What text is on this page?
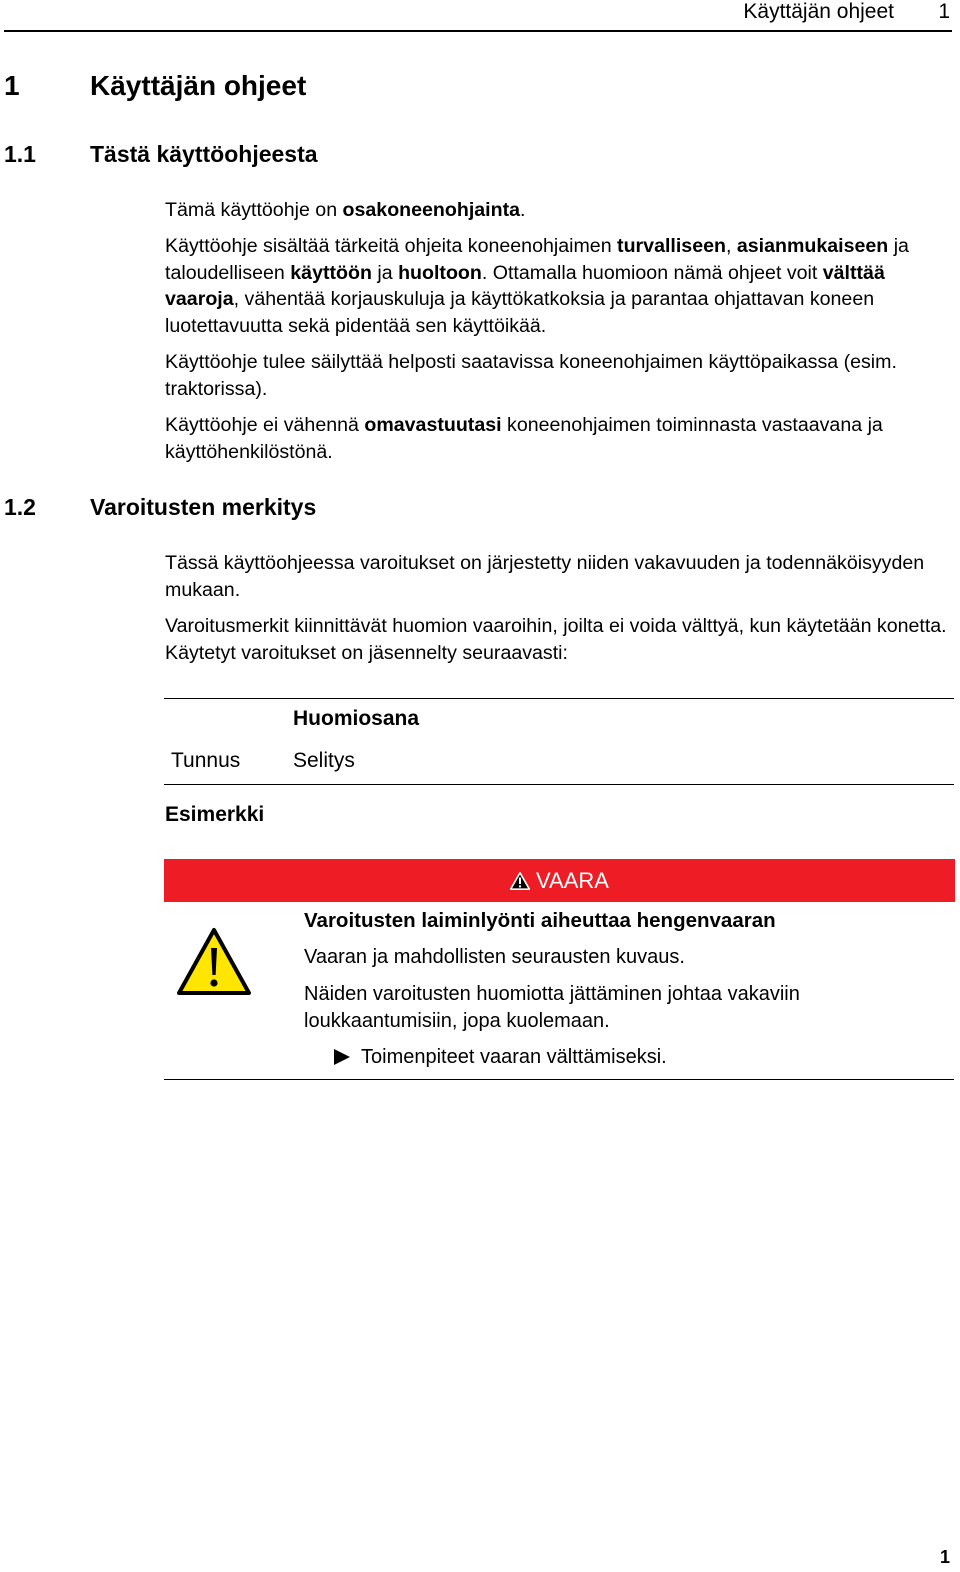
Käyttäjän ohjeet 1
1	Käyttäjän ohjeet
1.1 Tästä käyttöohjeesta

Tämä käyttöohje on osakoneenohjainta.

Käyttöohje sisältää tärkeitä ohjeita koneenohjaimen turvalliseen, asianmukaiseen ja taloudelliseen käyttöön ja huoltoon. Ottamalla huomioon nämä ohjeet voit välttää vaaroja, vähentää korjauskuluja ja käyttökatkoksia ja parantaa ohjattavan koneen luotettavuutta sekä pidentää sen käyttöikää.

Käyttöohje tulee säilyttää helposti saatavissa koneenohjaimen käyttöpaikassa (esim. traktorissa).

Käyttöohje ei vähennä omavastuutasi koneenohjaimen toiminnasta vastaavana ja käyttöhenkilöstönä.

1.2 Varoitusten merkitys

Tässä käyttöohjeessa varoitukset on järjestetty niiden vakavuuden ja todennäköisyyden mukaan.

Varoitusmerkit kiinnittävät huomion vaaroihin, joilta ei voida välttyä, kun käytetään konetta. Käytetyt varoitukset on jäsennelty seuraavasti:

Huomiosana
Tunnus	Selitys
Esimerkki
VAARA
Varoitusten laiminlyönti aiheuttaa hengenvaaran

Vaaran ja mahdollisten seurausten kuvaus.

Näiden varoitusten huomiotta jättäminen johtaa vakaviin loukkaantumisiin, jopa kuolemaan.

Toimenpiteet vaaran välttämiseksi.
1
